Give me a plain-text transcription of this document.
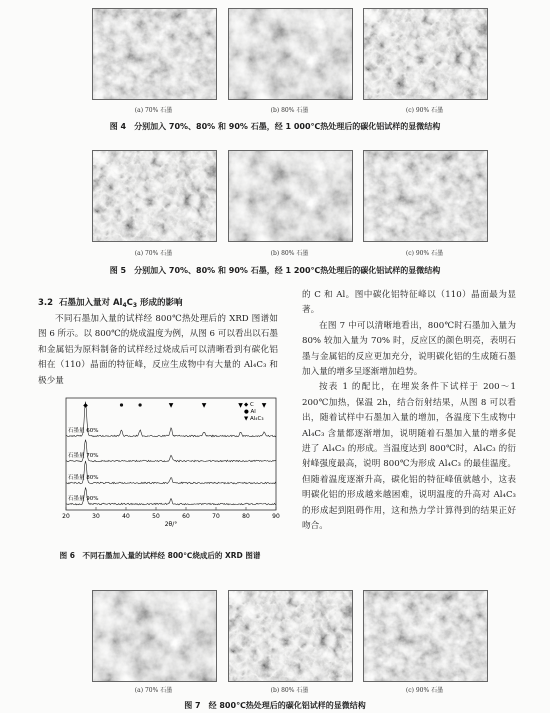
(a) 70% 石墨	(b) 80% 石墨	(c) 90% 石墨
图 4　分别加入 70%、80% 和 90% 石墨，经 1 000℃热处理后的碳化铝试样的显微结构
(a) 70% 石墨	(b) 80% 石墨	(c) 90% 石墨
图 5　分别加入 70%、80% 和 90% 石墨，经 1 200℃热处理后的碳化铝试样的显微结构
3.2 石墨加入量对 $Al_4C_3$ 形成的影响
不同石墨加入量的试样经 800℃热处理后的 XRD 图谱如图 6 所示。以 800℃的烧成温度为例，从图 6 可以看出以石墨和金属铝为原料制备的试样经过烧成后可以清晰看到有碳化铝相在（110）晶面的特征峰，反应生成物中有大量的 Al₄C₃ 和极少量
20	30	40	50	60	70	80	90
2θ/°
石墨量 60%
石墨量 70%
石墨量 80%
石墨量 90%
◆	▼	▼	▼	▼
◆ C
● Al
▼ Al₄C₃
图 6　不同石墨加入量的试样经 800℃烧成后的 XRD 图谱

的 C 和 Al。图中碳化铝特征峰以（110）晶面最为显著。

在图 7 中可以清晰地看出，800℃时石墨加入量为 80% 较加入量为 70% 时，反应区的颜色明亮，表明石墨与金属铝的反应更加充分，说明碳化铝的生成随石墨加入量的增多呈逐渐增加趋势。

按表 1 的配比，在埋炭条件下试样于 200～1 200℃加热，保温 2h，结合衍射结果，从图 8 可以看出，随着试样中石墨加入量的增加，各温度下生成物中 Al₄C₃ 含量都逐渐增加，说明随着石墨加入量的增多促进了 Al₄C₃ 的形成。当温度达到 800℃时，Al₄C₃ 的衍射峰强度最高，说明 800℃为形成 Al₄C₃ 的最佳温度。但随着温度逐渐升高，碳化铝的特征峰值就越小，这表明碳化铝的形成越来越困难，说明温度的升高对 Al₄C₃ 的形成起到阻碍作用，这和热力学计算得到的结果正好吻合。

(a) 70% 石墨	(b) 80% 石墨	(c) 90% 石墨
图 7　经 800℃热处理后的碳化铝试样的显微结构
